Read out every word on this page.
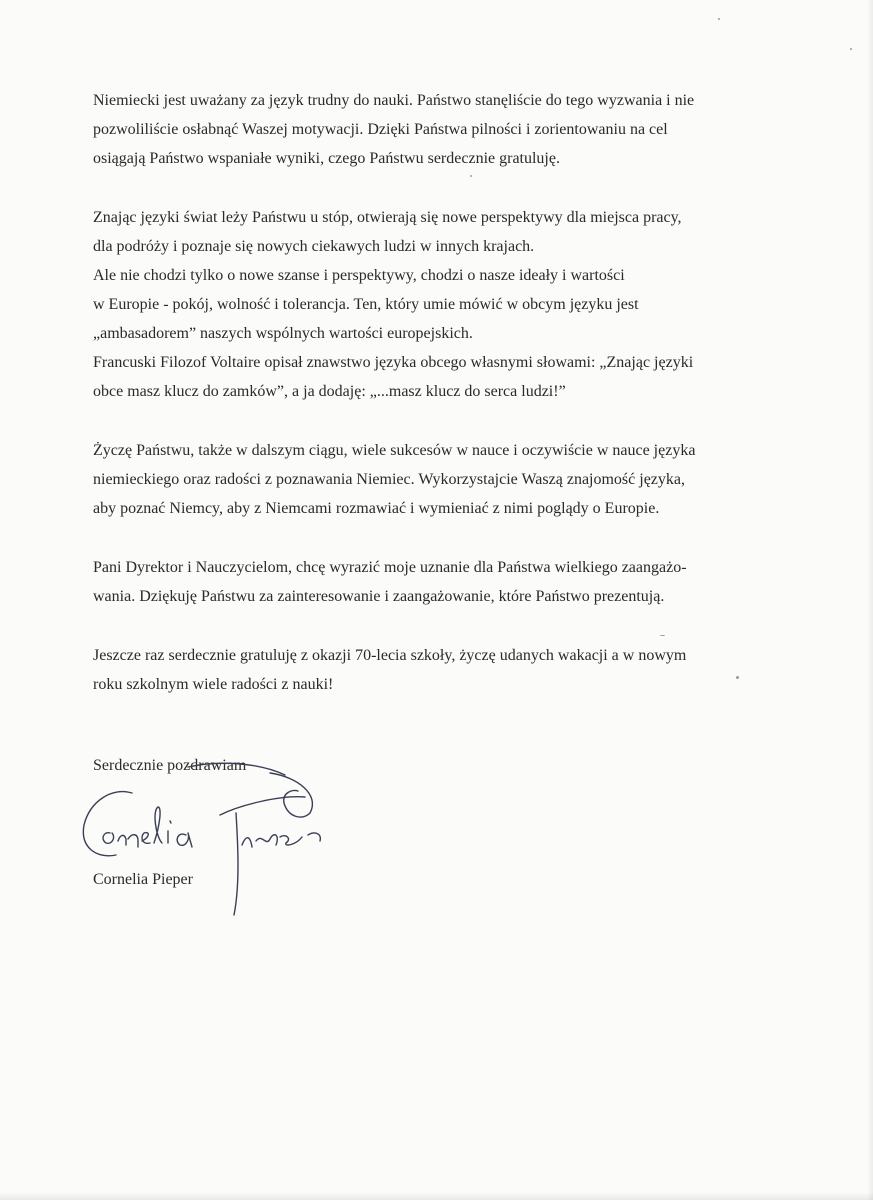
Niemiecki jest uważany za język trudny do nauki. Państwo stanęliście do tego wyzwania i nie
pozwoliliście osłabnąć Waszej motywacji. Dzięki Państwa pilności i zorientowaniu na cel
osiągają Państwo wspaniałe wyniki, czego Państwu serdecznie gratuluję.
Znając języki świat leży Państwu u stóp, otwierają się nowe perspektywy dla miejsca pracy,
dla podróży i poznaje się nowych ciekawych ludzi w innych krajach.
Ale nie chodzi tylko o nowe szanse i perspektywy, chodzi o nasze ideały i wartości
w Europie - pokój, wolność i tolerancja. Ten, który umie mówić w obcym języku jest
„ambasadorem” naszych wspólnych wartości europejskich.
Francuski Filozof Voltaire opisał znawstwo języka obcego własnymi słowami: „Znając języki
obce masz klucz do zamków”, a ja dodaję: „...masz klucz do serca ludzi!”
Życzę Państwu, także w dalszym ciągu, wiele sukcesów w nauce i oczywiście w nauce języka
niemieckiego oraz radości z poznawania Niemiec. Wykorzystajcie Waszą znajomość języka,
aby poznać Niemcy, aby z Niemcami rozmawiać i wymieniać z nimi poglądy o Europie.
Pani Dyrektor i Nauczycielom, chcę wyrazić moje uznanie dla Państwa wielkiego zaangażo-
wania. Dziękuję Państwu za zainteresowanie i zaangażowanie, które Państwo prezentują.
Jeszcze raz serdecznie gratuluję z okazji 70-lecia szkoły, życzę udanych wakacji a w nowym
roku szkolnym wiele radości z nauki!
Serdecznie pozdrawiam
Cornelia Pieper
